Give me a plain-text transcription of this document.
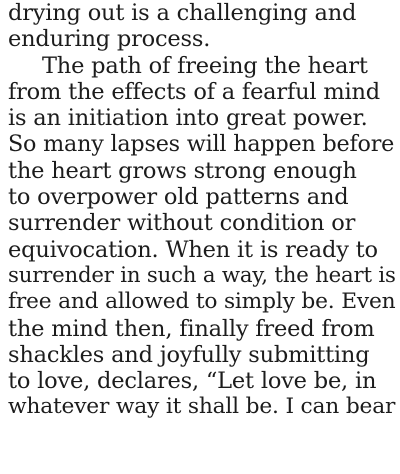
drying out is a challenging and
enduring process.
The path of freeing the heart
from the effects of a fearful mind
is an initiation into great power.
So many lapses will happen before
the heart grows strong enough
to overpower old patterns and
surrender without condition or
equivocation. When it is ready to
surrender in such a way, the heart is
free and allowed to simply be. Even
the mind then, finally freed from
shackles and joyfully submitting
to love, declares, “Let love be, in
whatever way it shall be. I can bear
